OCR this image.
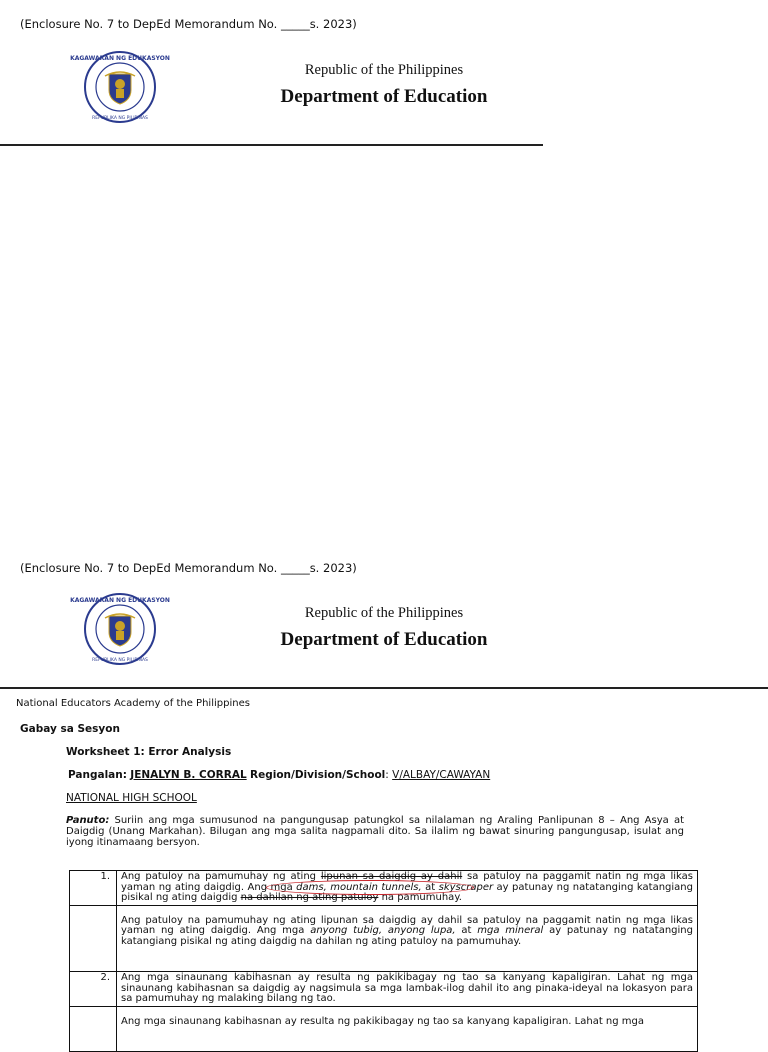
(Enclosure No. 7 to DepEd Memorandum No. _____s. 2023)
KAGAWARAN NG EDUKASYON
REPUBLIKA NG PILIPINAS
Republic of the Philippines
Department of Education
(Enclosure No. 7 to DepEd Memorandum No. _____s. 2023)
KAGAWARAN NG EDUKASYON
REPUBLIKA NG PILIPINAS
Republic of the Philippines
Department of Education
National Educators Academy of the Philippines
Gabay sa Sesyon
Worksheet 1: Error Analysis
Pangalan: JENALYN B. CORRAL Region/Division/School: V/ALBAY/CAWAYAN
NATIONAL HIGH SCHOOL
Panuto: Suriin ang mga sumusunod na pangungusap patungkol sa nilalaman ng Araling Panlipunan 8 – Ang Asya at Daigdig (Unang Markahan). Bilugan ang mga salita nagpamali dito. Sa ilalim ng bawat sinuring pangungusap, isulat ang iyong itinamaang bersyon.
1.	Ang patuloy na pamumuhay ng ating lipunan sa daigdig ay dahil sa patuloy na paggamit natin ng mga likas yaman ng ating daigdig. Ang mga dams, mountain tunnels, at skyscraper ay patunay ng natatanging katangiang pisikal ng ating daigdig na dahilan ng ating patuloy na pamumuhay.
	Ang patuloy na pamumuhay ng ating lipunan sa daigdig ay dahil sa patuloy na paggamit natin ng mga likas yaman ng ating daigdig. Ang mga anyong tubig, anyong lupa, at mga mineral ay patunay ng natatanging katangiang pisikal ng ating daigdig na dahilan ng ating patuloy na pamumuhay.
2.	Ang mga sinaunang kabihasnan ay resulta ng pakikibagay ng tao sa kanyang kapaligiran. Lahat ng mga sinaunang kabihasnan sa daigdig ay nagsimula sa mga lambak-ilog dahil ito ang pinaka-ideyal na lokasyon para sa pamumuhay ng malaking bilang ng tao.
	Ang mga sinaunang kabihasnan ay resulta ng pakikibagay ng tao sa kanyang kapaligiran. Lahat ng mga
